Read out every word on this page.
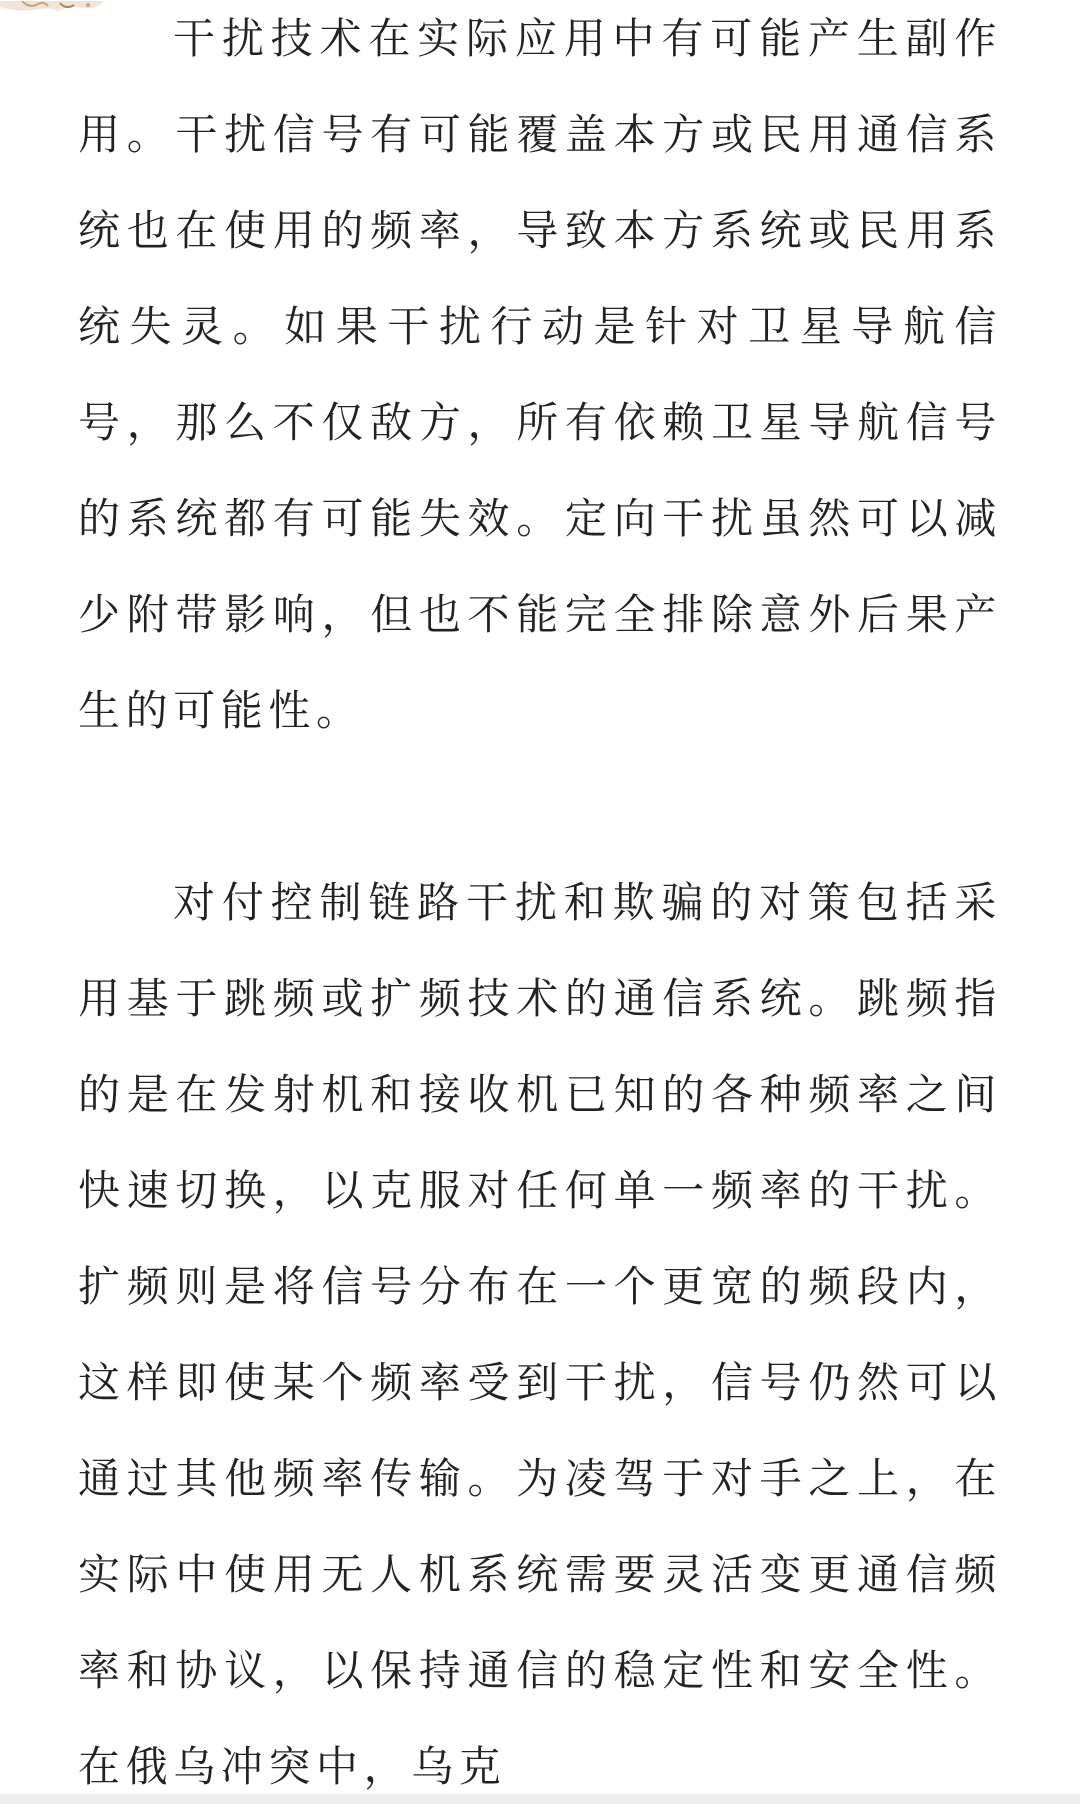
干扰技术在实际应用中有可能产生副作用。干扰信号有可能覆盖本方或民用通信系统也在使用的频率，导致本方系统或民用系统失灵。如果干扰行动是针对卫星导航信号，那么不仅敌方，所有依赖卫星导航信号的系统都有可能失效。定向干扰虽然可以减少附带影响，但也不能完全排除意外后果产生的可能性。

对付控制链路干扰和欺骗的对策包括采用基于跳频或扩频技术的通信系统。跳频指的是在发射机和接收机已知的各种频率之间快速切换，以克服对任何单一频率的干扰。扩频则是将信号分布在一个更宽的频段内，这样即使某个频率受到干扰，信号仍然可以通过其他频率传输。为凌驾于对手之上，在实际中使用无人机系统需要灵活变更通信频率和协议，以保持通信的稳定性和安全性。在俄乌冲突中，乌克
